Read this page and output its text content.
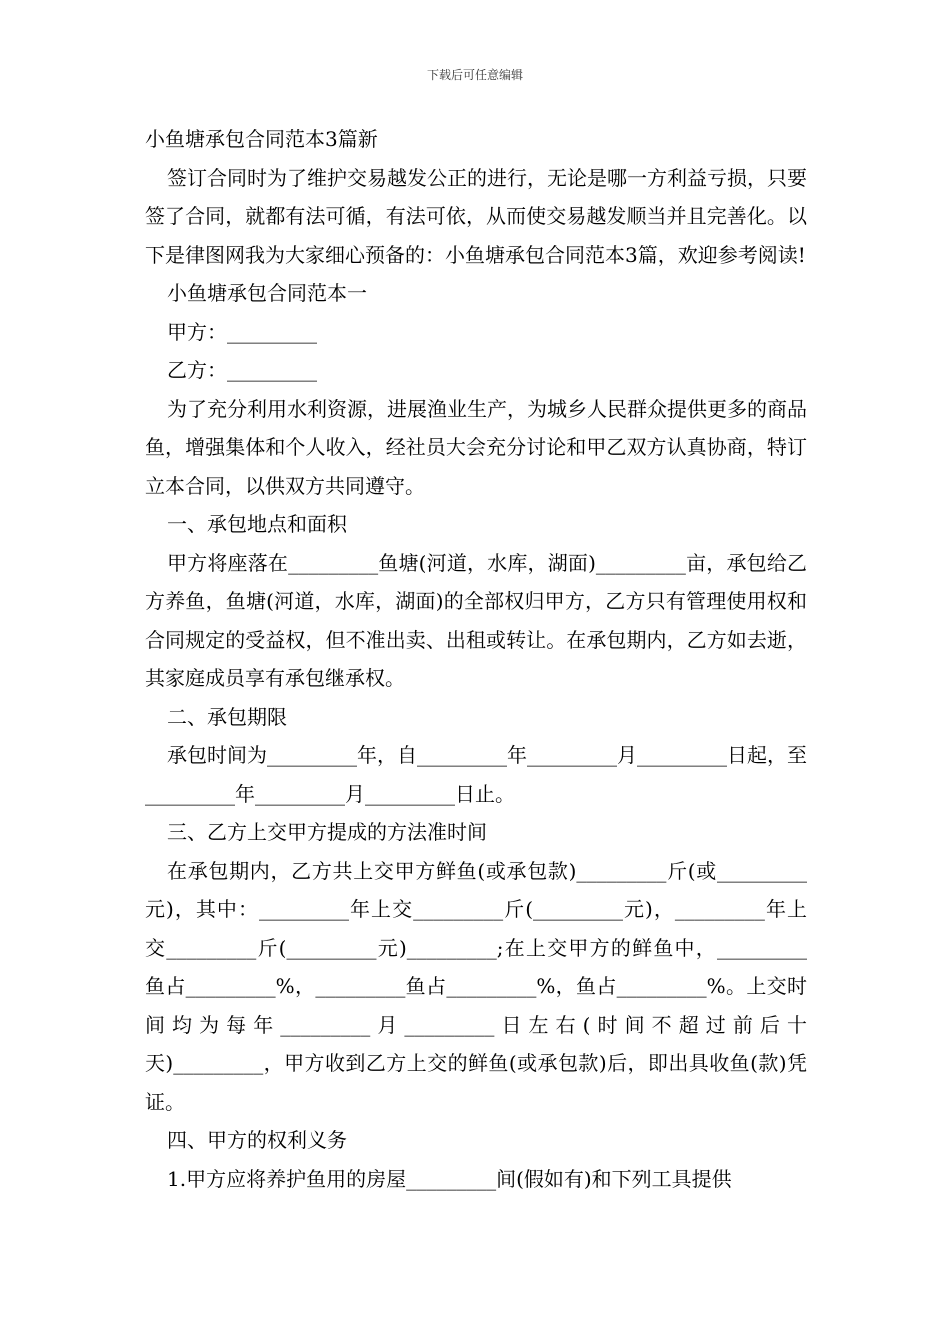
下载后可任意编辑

小鱼塘承包合同范本3篇新

签订合同时为了维护交易越发公正的进行，无论是哪一方利益亏损，只要签了合同，就都有法可循，有法可依，从而使交易越发顺当并且完善化。以下是律图网我为大家细心预备的：小鱼塘承包合同范本3篇，欢迎参考阅读!

小鱼塘承包合同范本一

甲方：_________

乙方：_________

为了充分利用水利资源，进展渔业生产，为城乡人民群众提供更多的商品鱼，增强集体和个人收入，经社员大会充分讨论和甲乙双方认真协商，特订立本合同，以供双方共同遵守。

一、承包地点和面积

甲方将座落在_________鱼塘(河道，水库，湖面)_________亩，承包给乙方养鱼，鱼塘(河道，水库，湖面)的全部权归甲方，乙方只有管理使用权和合同规定的受益权，但不准出卖、出租或转让。在承包期内，乙方如去逝，其家庭成员享有承包继承权。

二、承包期限

承包时间为_________年，自_________年_________月_________日起，至_________年_________月_________日止。

三、乙方上交甲方提成的方法准时间

在承包期内，乙方共上交甲方鲜鱼(或承包款)_________斤(或_________元)，其中：_________年上交_________斤(_________元)，_________年上交_________斤(_________元)_________;在上交甲方的鲜鱼中，_________鱼占_________%，_________鱼占_________%，鱼占_________%。上交时间均为每年_________月_________日左右(时间不超过前后十天)_________，甲方收到乙方上交的鲜鱼(或承包款)后，即出具收鱼(款)凭证。

四、甲方的权利义务

1.甲方应将养护鱼用的房屋_________间(假如有)和下列工具提供
